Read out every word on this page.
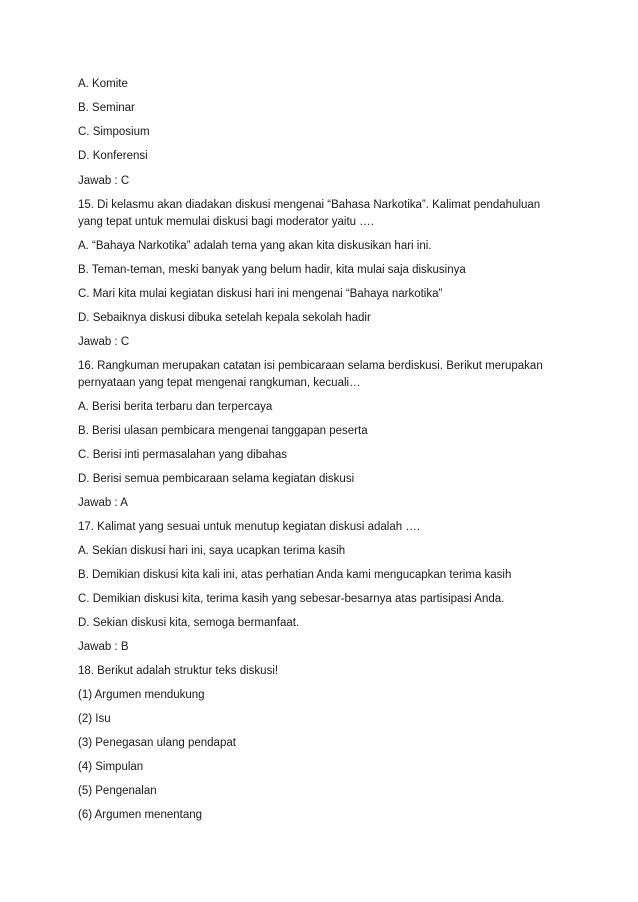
A. Komite
B. Seminar
C. Simposium
D. Konferensi
Jawab : C
15. Di kelasmu akan diadakan diskusi mengenai “Bahasa Narkotika”. Kalimat pendahuluan yang tepat untuk memulai diskusi bagi moderator yaitu ….
A. “Bahaya Narkotika” adalah tema yang akan kita diskusikan hari ini.
B. Teman-teman, meski banyak yang belum hadir, kita mulai saja diskusinya
C. Mari kita mulai kegiatan diskusi hari ini mengenai “Bahaya narkotika”
D. Sebaiknya diskusi dibuka setelah kepala sekolah hadir
Jawab : C
16. Rangkuman merupakan catatan isi pembicaraan selama berdiskusi. Berikut merupakan pernyataan yang tepat mengenai rangkuman, kecuali…
A. Berisi berita terbaru dan terpercaya
B. Berisi ulasan pembicara mengenai tanggapan peserta
C. Berisi inti permasalahan yang dibahas
D. Berisi semua pembicaraan selama kegiatan diskusi
Jawab : A
17. Kalimat yang sesuai untuk menutup kegiatan diskusi adalah ….
A. Sekian diskusi hari ini, saya ucapkan terima kasih
B. Demikian diskusi kita kali ini, atas perhatian Anda kami mengucapkan terima kasih
C. Demikian diskusi kita, terima kasih yang sebesar-besarnya atas partisipasi Anda.
D. Sekian diskusi kita, semoga bermanfaat.
Jawab : B
18. Berikut adalah struktur teks diskusi!
(1) Argumen mendukung
(2) Isu
(3) Penegasan ulang pendapat
(4) Simpulan
(5) Pengenalan
(6) Argumen menentang
